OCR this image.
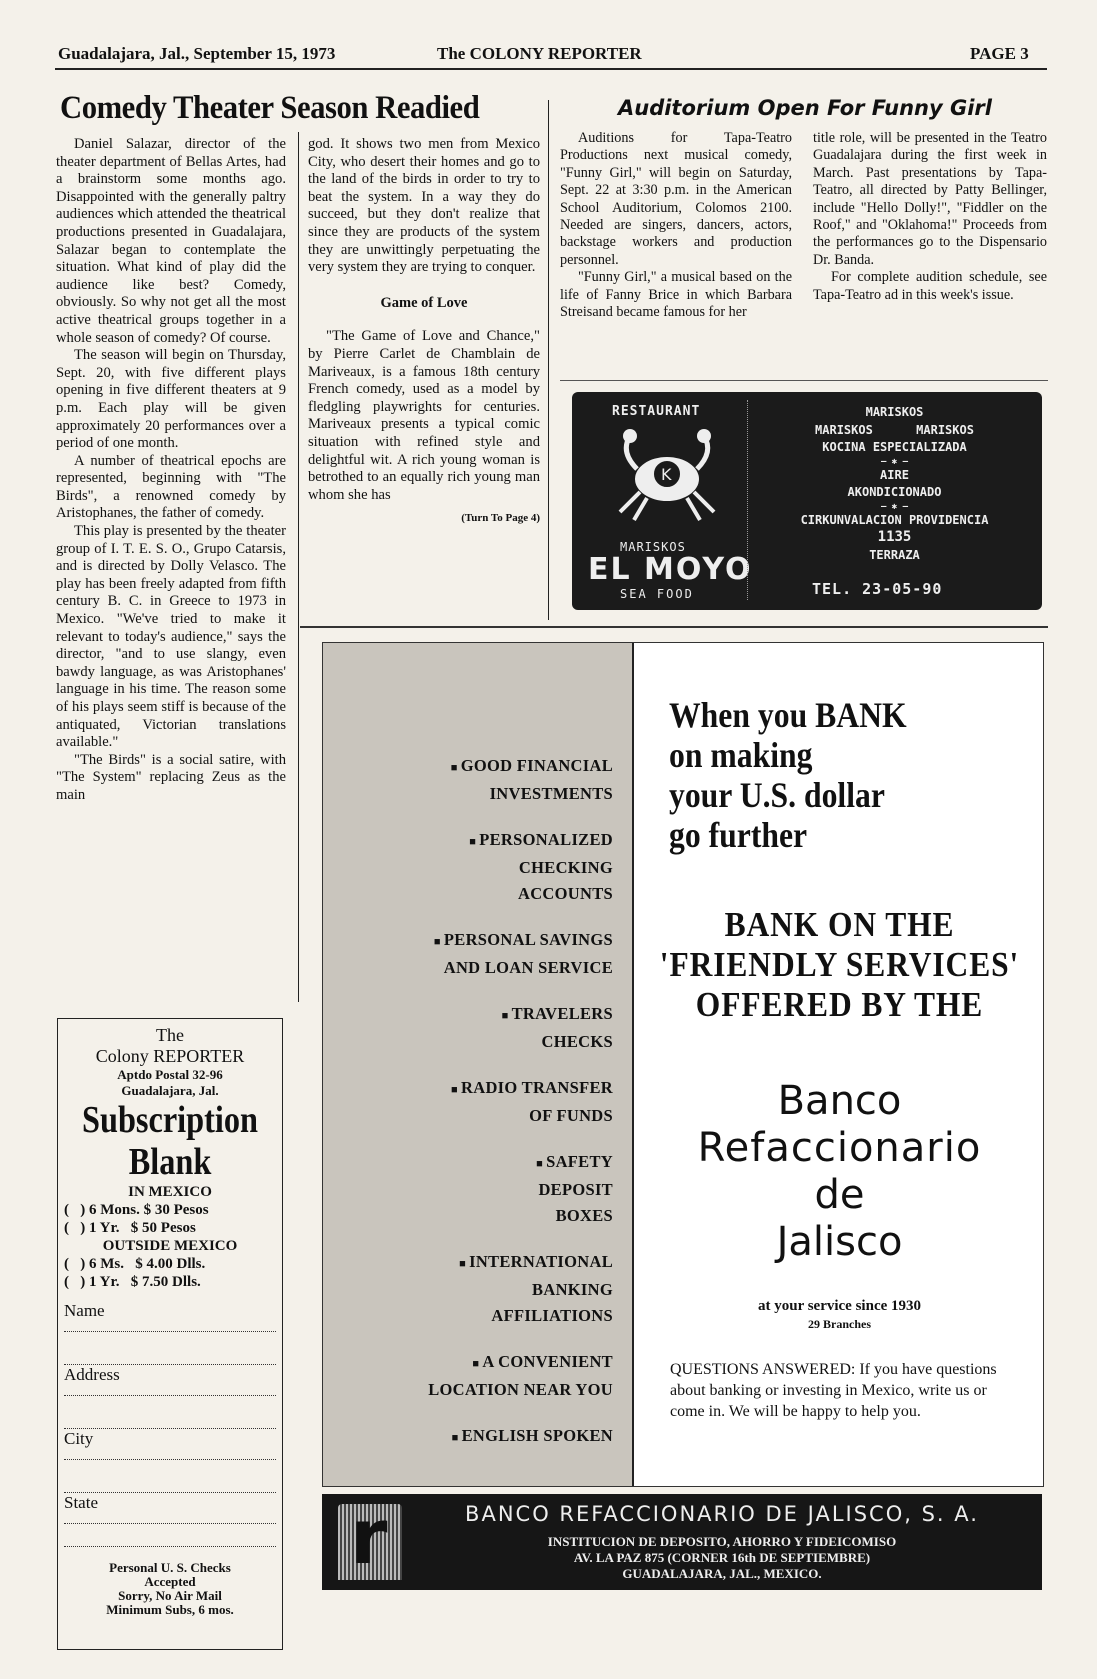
Guadalajara, Jal., September 15, 1973	The COLONY REPORTER	PAGE 3
Comedy Theater Season Readied

Daniel Salazar, director of the theater department of Bellas Artes, had a brainstorm some months ago. Disappointed with the generally paltry audiences which attended the theatrical productions presented in Guadalajara, Salazar began to contemplate the situation. What kind of play did the audience like best? Comedy, obviously. So why not get all the most active theatrical groups together in a whole season of comedy? Of course.

The season will begin on Thursday, Sept. 20, with five different plays opening in five different theaters at 9 p.m. Each play will be given approximately 20 performances over a period of one month.

A number of theatrical epochs are represented, beginning with "The Birds", a renowned comedy by Aristophanes, the father of comedy.

This play is presented by the theater group of I. T. E. S. O., Grupo Catarsis, and is directed by Dolly Velasco. The play has been freely adapted from fifth century B. C. in Greece to 1973 in Mexico. "We've tried to make it relevant to today's audience," says the director, "and to use slangy, even bawdy language, as was Aristophanes' language in his time. The reason some of his plays seem stiff is because of the antiquated, Victorian translations available."

"The Birds" is a social satire, with "The System" replacing Zeus as the main

god. It shows two men from Mexico City, who desert their homes and go to the land of the birds in order to try to beat the system. In a way they do succeed, but they don't realize that since they are products of the system they are unwittingly perpetuating the very system they are trying to conquer.

Game of Love

"The Game of Love and Chance," by Pierre Carlet de Chamblain de Mariveaux, is a famous 18th century French comedy, used as a model by fledgling playwrights for centuries. Mariveaux presents a typical comic situation with refined style and delightful wit. A rich young woman is betrothed to an equally rich young man whom she has

(Turn To Page 4)
Auditorium Open For Funny Girl

Auditions for Tapa-Teatro Productions next musical comedy, "Funny Girl," will begin on Saturday, Sept. 22 at 3:30 p.m. in the American School Auditorium, Colomos 2100. Needed are singers, dancers, actors, backstage workers and production personnel.

"Funny Girl," a musical based on the life of Fanny Brice in which Barbara Streisand became famous for her

title role, will be presented in the Teatro Guadalajara during the first week in March. Past presentations by Tapa-Teatro, all directed by Patty Bellinger, include "Hello Dolly!", "Fiddler on the Roof," and "Oklahoma!" Proceeds from the performances go to the Dispensario Dr. Banda.

For complete audition schedule, see Tapa-Teatro ad in this week's issue.

RESTAURANT
K
MARISKOS
EL MOYO
SEA FOOD
MARISKOS
MARISKOS      MARISKOS
KOCINA ESPECIALIZADA
— ✱ —
AIRE
AKONDICIONADO
— ✱ —
CIRKUNVALACION PROVIDENCIA
1135
TERRAZA
TEL. 23-05-90
The
Colony REPORTER
Aptdo Postal 32-96
Guadalajara, Jal.
Subscription
Blank
IN MEXICO
(   ) 6 Mons. $ 30 Pesos
(   ) 1 Yr.   $ 50 Pesos
OUTSIDE MEXICO
(   ) 6 Ms.   $ 4.00 Dlls.
(   ) 1 Yr.   $ 7.50 Dlls.
Name
Address
City
State
Personal U. S. Checks
Accepted
Sorry, No Air Mail
Minimum Subs, 6 mos.
■ GOOD FINANCIAL
INVESTMENTS
■ PERSONALIZED
CHECKING
ACCOUNTS
■ PERSONAL SAVINGS
AND LOAN SERVICE
■ TRAVELERS
CHECKS
■ RADIO TRANSFER
OF FUNDS
■ SAFETY
DEPOSIT
BOXES
■ INTERNATIONAL
BANKING
AFFILIATIONS
■ A CONVENIENT
LOCATION NEAR YOU
■ ENGLISH SPOKEN
When you BANK
on making
your U.S. dollar
go further
BANK ON THE
'FRIENDLY SERVICES'
OFFERED BY THE
Banco
Refaccionario
de
Jalisco
at your service since 1930
29 Branches
QUESTIONS ANSWERED: If you have questions about banking or investing in Mexico, write us or come in. We will be happy to help you.
r	BANCO REFACCIONARIO DE JALISCO, S. A.
INSTITUCION DE DEPOSITO, AHORRO Y FIDEICOMISO
AV. LA PAZ 875 (CORNER 16th DE SEPTIEMBRE)
GUADALAJARA, JAL., MEXICO.
